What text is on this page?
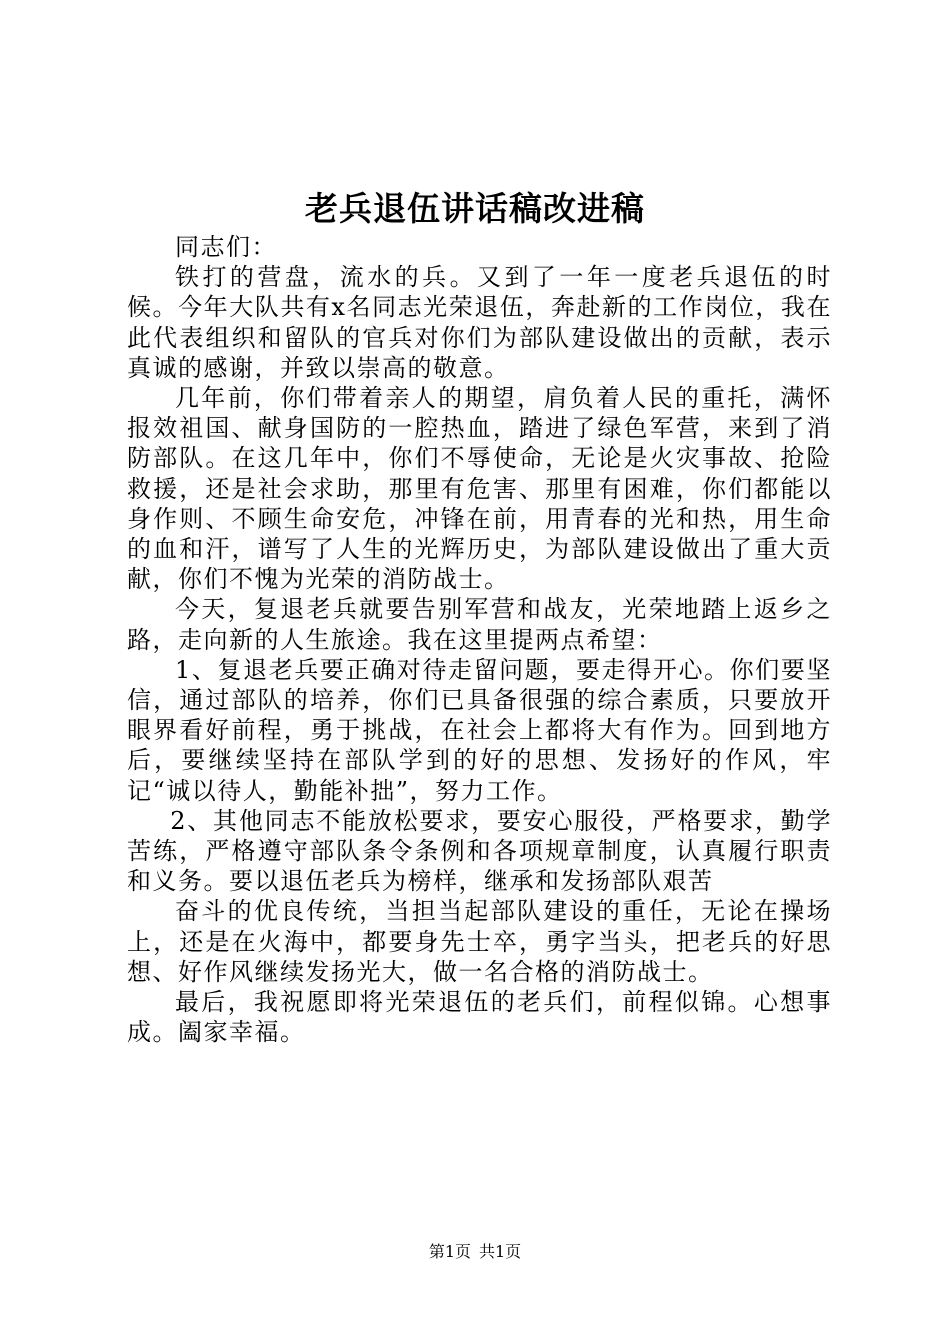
老兵退伍讲话稿改进稿

同志们：

铁打的营盘，流水的兵。又到了一年一度老兵退伍的时候。今年大队共有x名同志光荣退伍，奔赴新的工作岗位，我在此代表组织和留队的官兵对你们为部队建设做出的贡献，表示真诚的感谢，并致以崇高的敬意。

几年前，你们带着亲人的期望，肩负着人民的重托，满怀报效祖国、献身国防的一腔热血，踏进了绿色军营，来到了消防部队。在这几年中，你们不辱使命，无论是火灾事故、抢险救援，还是社会求助，那里有危害、那里有困难，你们都能以身作则、不顾生命安危，冲锋在前，用青春的光和热，用生命的血和汗，谱写了人生的光辉历史，为部队建设做出了重大贡献，你们不愧为光荣的消防战士。

今天，复退老兵就要告别军营和战友，光荣地踏上返乡之路，走向新的人生旅途。我在这里提两点希望：

1、复退老兵要正确对待走留问题，要走得开心。你们要坚信，通过部队的培养，你们已具备很强的综合素质，只要放开眼界看好前程，勇于挑战，在社会上都将大有作为。回到地方后，要继续坚持在部队学到的好的思想、发扬好的作风，牢记“诚以待人，勤能补拙”，努力工作。

2、其他同志不能放松要求，要安心服役，严格要求，勤学苦练，严格遵守部队条令条例和各项规章制度，认真履行职责和义务。要以退伍老兵为榜样，继承和发扬部队艰苦

奋斗的优良传统，当担当起部队建设的重任，无论在操场上，还是在火海中，都要身先士卒，勇字当头，把老兵的好思想、好作风继续发扬光大，做一名合格的消防战士。

最后，我祝愿即将光荣退伍的老兵们，前程似锦。心想事成。阖家幸福。

第1页 共1页
